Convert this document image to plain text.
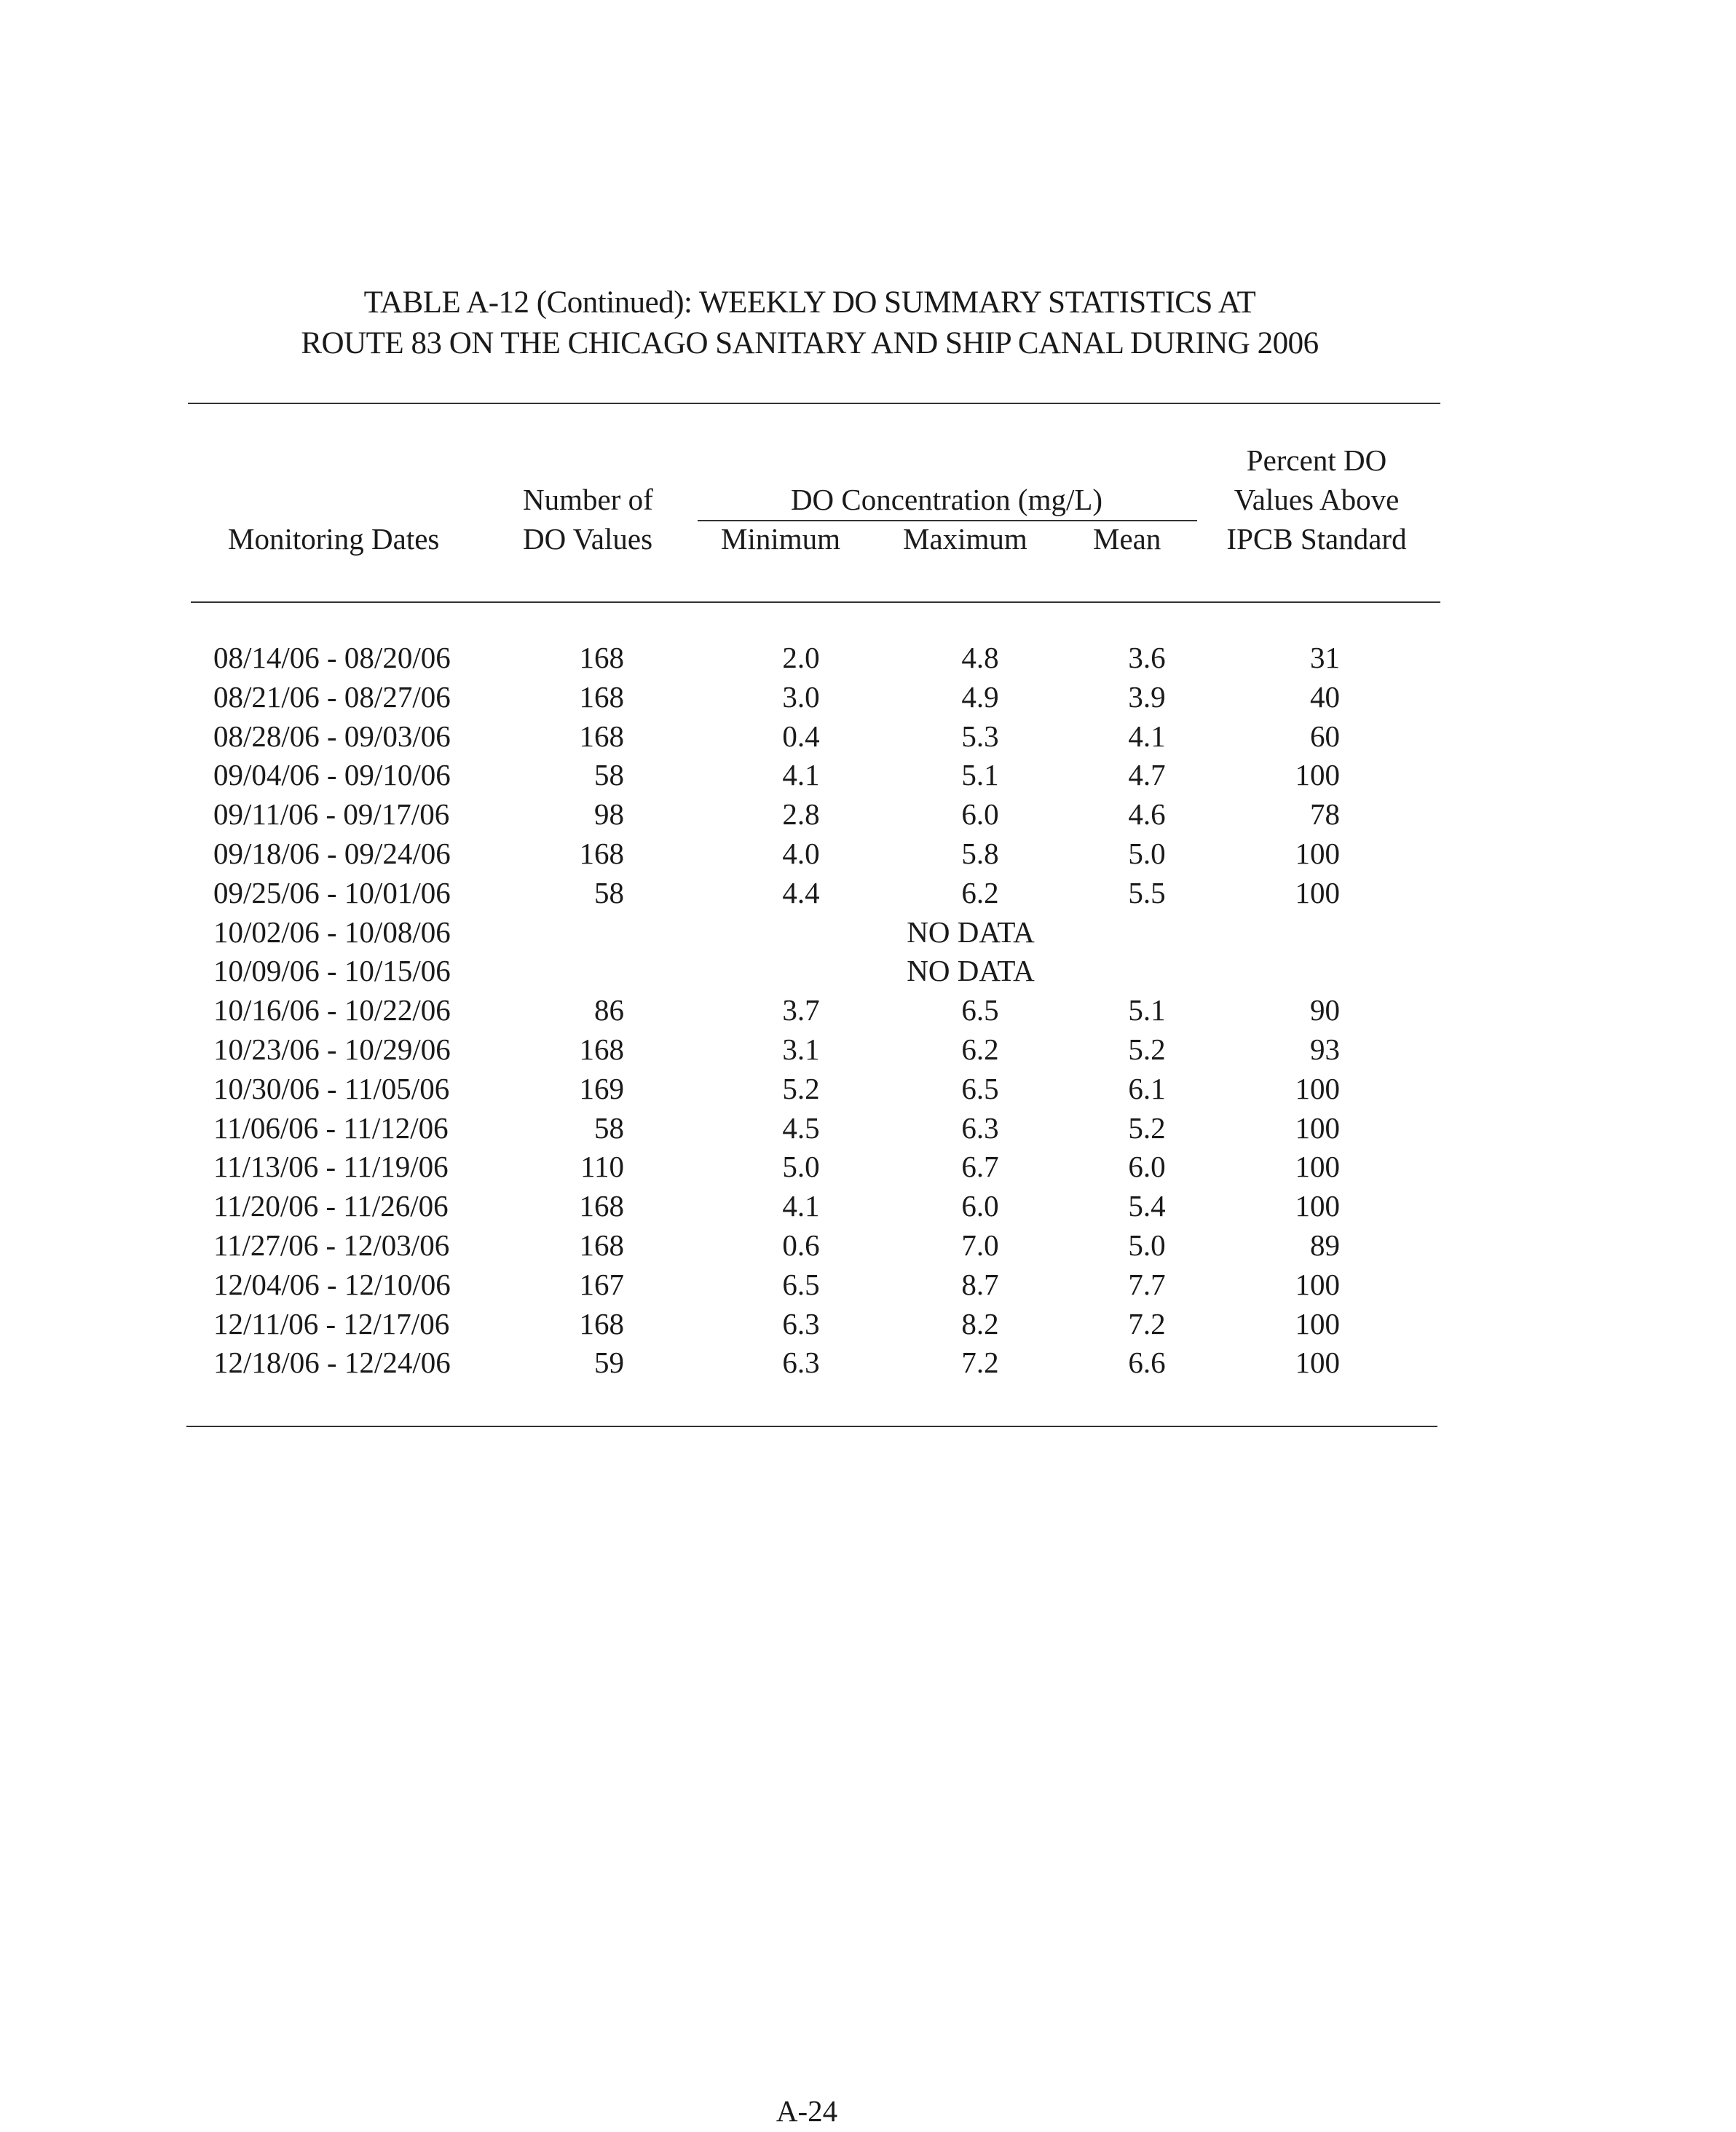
TABLE A-12 (Continued): WEEKLY DO SUMMARY STATISTICS AT
ROUTE 83 ON THE CHICAGO SANITARY AND SHIP CANAL DURING 2006
Monitoring Dates
Number of
DO Values
DO Concentration (mg/L)
Minimum Maximum Mean
Percent DO
Values Above
IPCB Standard
08/14/06 - 08/20/06	168	2.0	4.8	3.6	31
08/21/06 - 08/27/06	168	3.0	4.9	3.9	40
08/28/06 - 09/03/06	168	0.4	5.3	4.1	60
09/04/06 - 09/10/06	58	4.1	5.1	4.7	100
09/11/06 - 09/17/06	98	2.8	6.0	4.6	78
09/18/06 - 09/24/06	168	4.0	5.8	5.0	100
09/25/06 - 10/01/06	58	4.4	6.2	5.5	100
10/02/06 - 10/08/06	NO DATA
10/09/06 - 10/15/06	NO DATA
10/16/06 - 10/22/06	86	3.7	6.5	5.1	90
10/23/06 - 10/29/06	168	3.1	6.2	5.2	93
10/30/06 - 11/05/06	169	5.2	6.5	6.1	100
11/06/06 - 11/12/06	58	4.5	6.3	5.2	100
11/13/06 - 11/19/06	110	5.0	6.7	6.0	100
11/20/06 - 11/26/06	168	4.1	6.0	5.4	100
11/27/06 - 12/03/06	168	0.6	7.0	5.0	89
12/04/06 - 12/10/06	167	6.5	8.7	7.7	100
12/11/06 - 12/17/06	168	6.3	8.2	7.2	100
12/18/06 - 12/24/06	59	6.3	7.2	6.6	100
A-24
